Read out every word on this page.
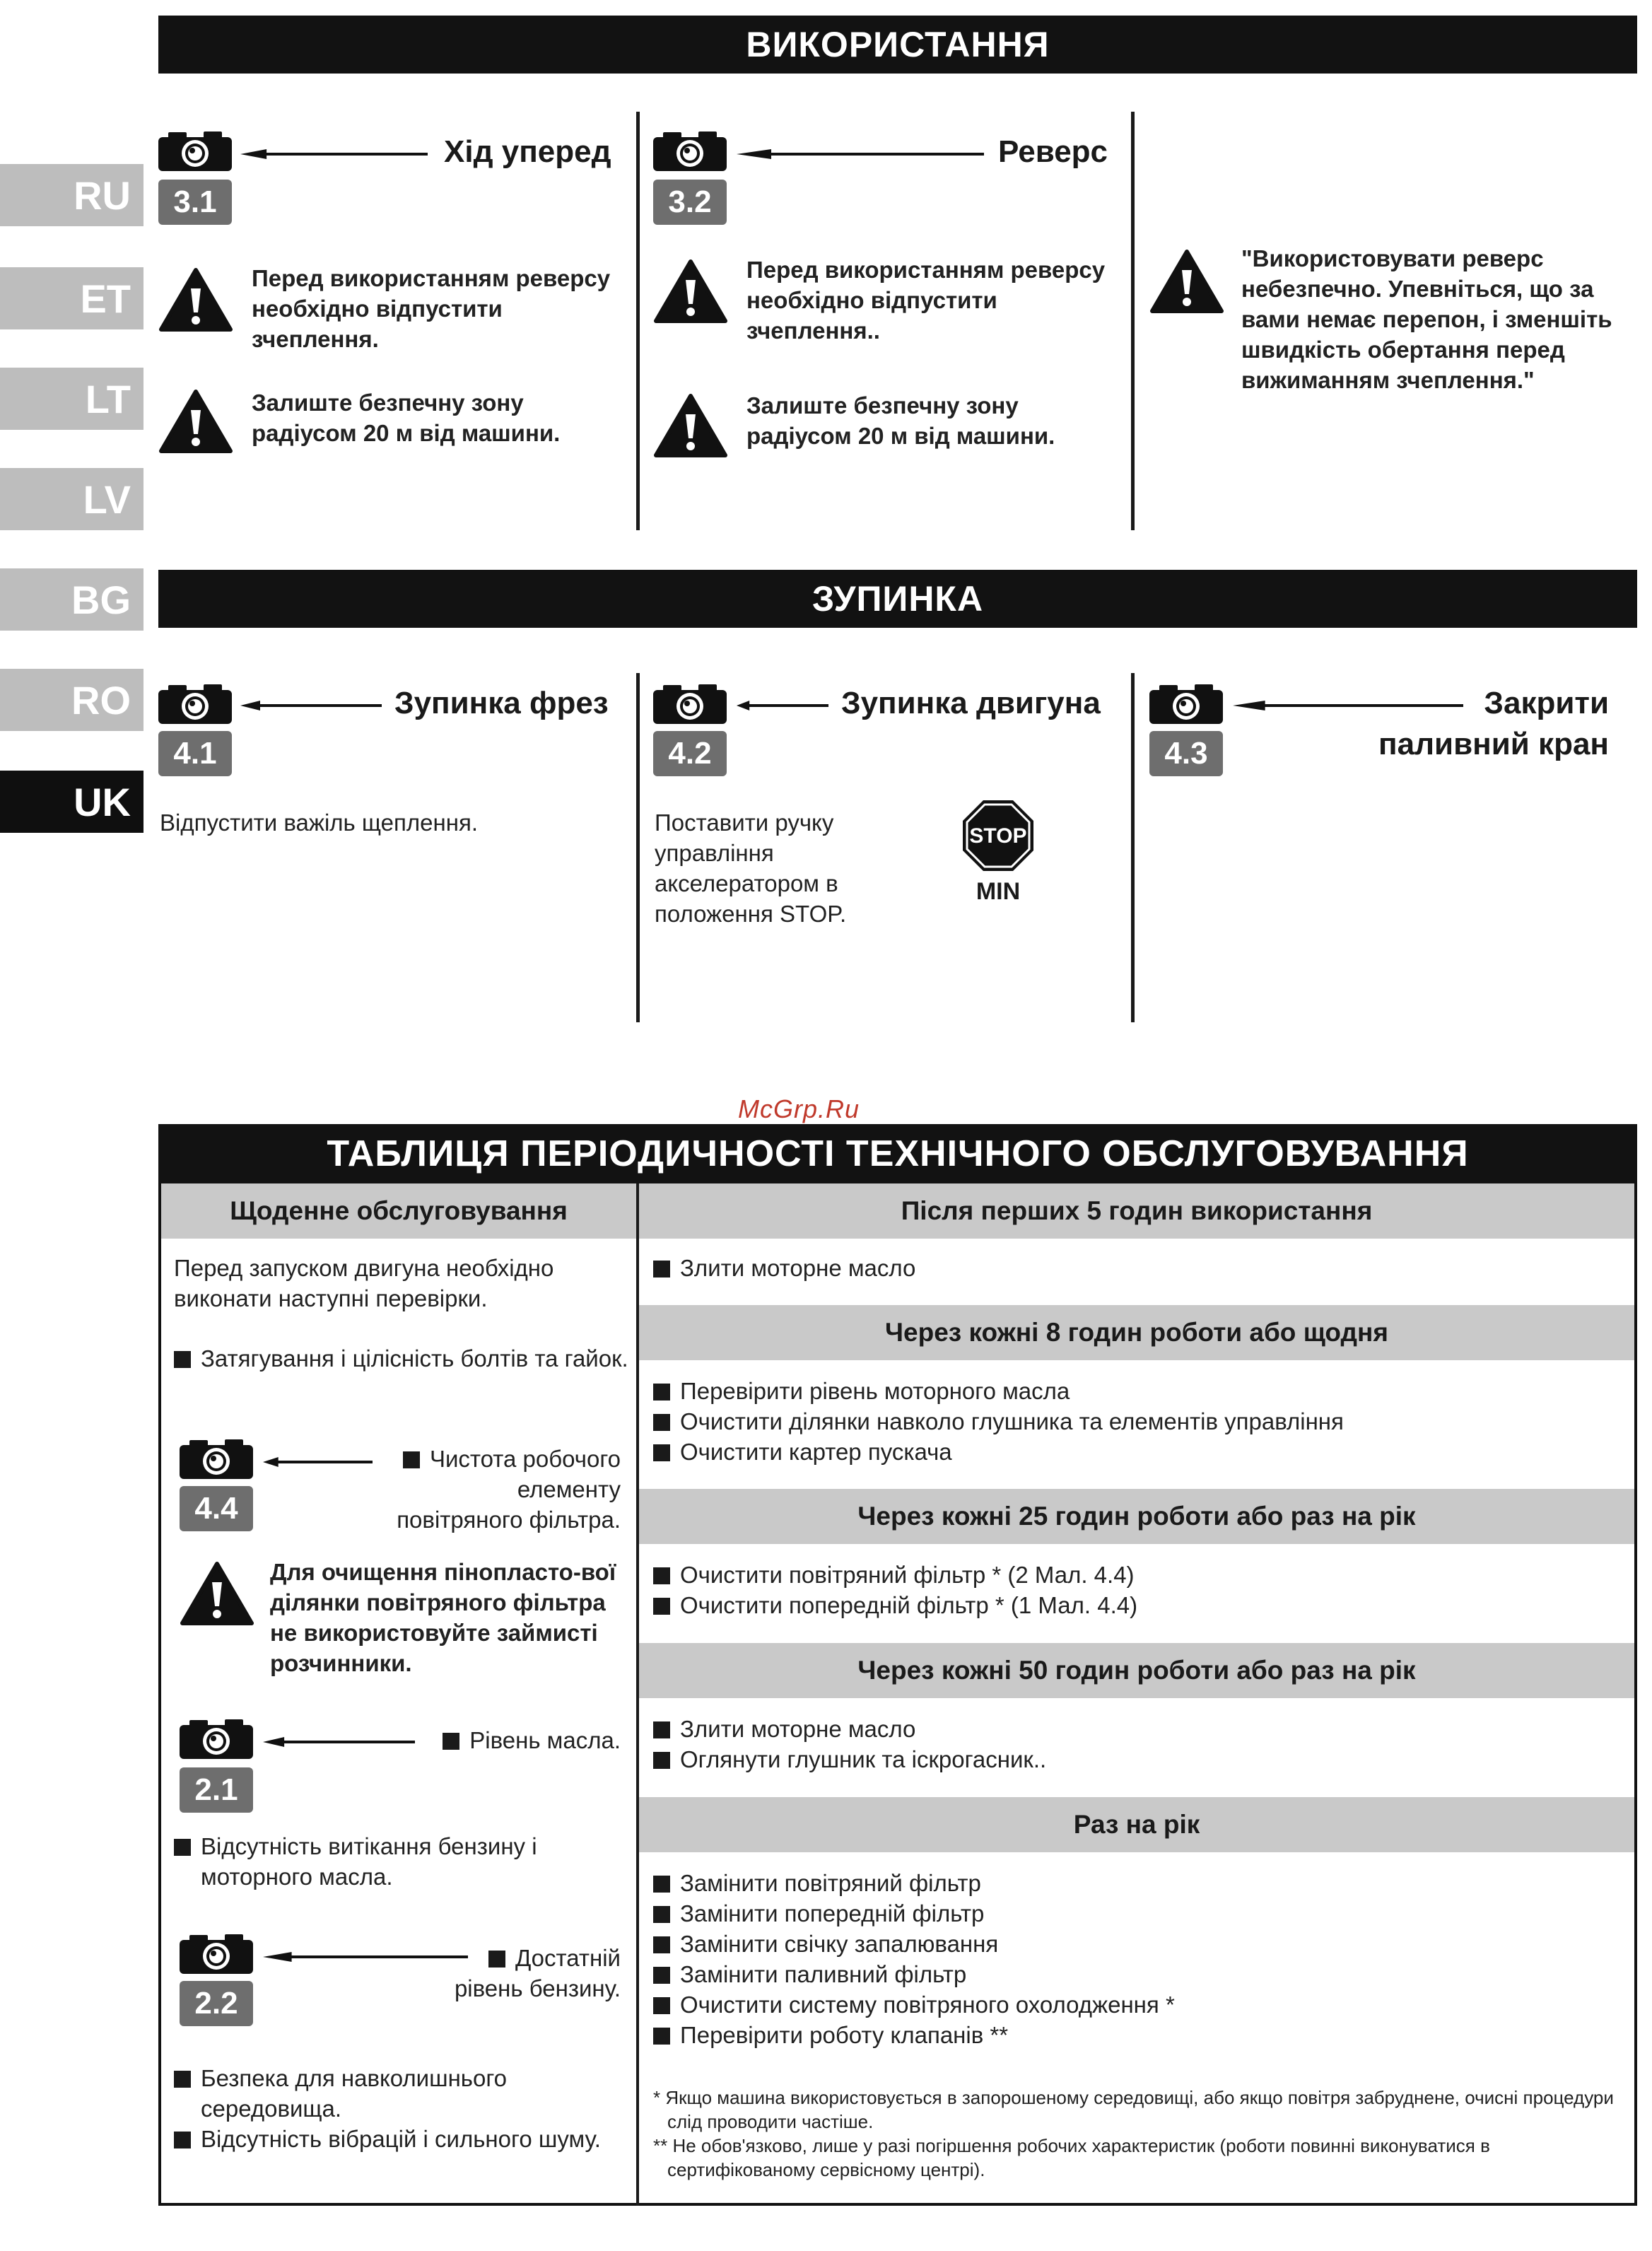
RU
ET
LT
LV
BG
RO
UK
ВИКОРИСТАННЯ
3.1
Хід уперед
Перед використанням реверсу необхідно відпустити зчеплення.
Залиште безпечну зону радіусом 20 м від машини.
3.2
Реверс
Перед використанням реверсу необхідно відпустити зчеплення..
Залиште безпечну зону радіусом 20 м від машини.
"Використовувати реверс небезпечно. Упевніться, що за вами немає перепон, і зменшіть швидкість обертання перед вижиманням зчеплення."
ЗУПИНКА
4.1
Зупинка фрез
Відпустити важіль щеплення.
4.2
Зупинка двигуна
Поставити ручку управління акселератором в положення STOP.
STOP
MIN
4.3
Закрити
паливний кран
McGrp.Ru
ТАБЛИЦЯ ПЕРІОДИЧНОСТІ ТЕХНІЧНОГО ОБСЛУГОВУВАННЯ
Щоденне обслуговування
Перед запуском двигуна необхідно виконати наступні перевірки.
Затягування і цілісність болтів та гайок.
4.4
Чистота робочого
елементу
повітряного фільтра.
Для очищення пінопласто-вої ділянки повітряного фільтра не використовуйте займисті розчинники.
2.1
Рівень масла.
Відсутність витікання бензину і моторного масла.
2.2
Достатній
рівень бензину.
Безпека для навколишнього середовища.
Відсутність вібрацій і сильного шуму.
Після перших 5 годин використання
Злити моторне масло
Через кожні 8 годин роботи або щодня
Перевірити рівень моторного масла
Очистити ділянки навколо глушника та елементів управління
Очистити картер пускача
Через кожні 25 годин роботи або раз на рік
Очистити повітряний фільтр * (2 Мал. 4.4)
Очистити попередній фільтр * (1 Мал. 4.4)
Через кожні 50 годин роботи або раз на рік
Злити моторне масло
Оглянути глушник та іскрогасник..
Раз на рік
Замінити повітряний фільтр
Замінити попередній фільтр
Замінити свічку запалювання
Замінити паливний фільтр
Очистити систему повітряного охолодження *
Перевірити роботу клапанів **
* Якщо машина використовується в запорошеному середовищі, або якщо повітря забруднене, очисні процедури слід проводити частіше.
** Не обов'язково, лише у разі погіршення робочих характеристик (роботи повинні виконуватися в сертифікованому сервісному центрі).
